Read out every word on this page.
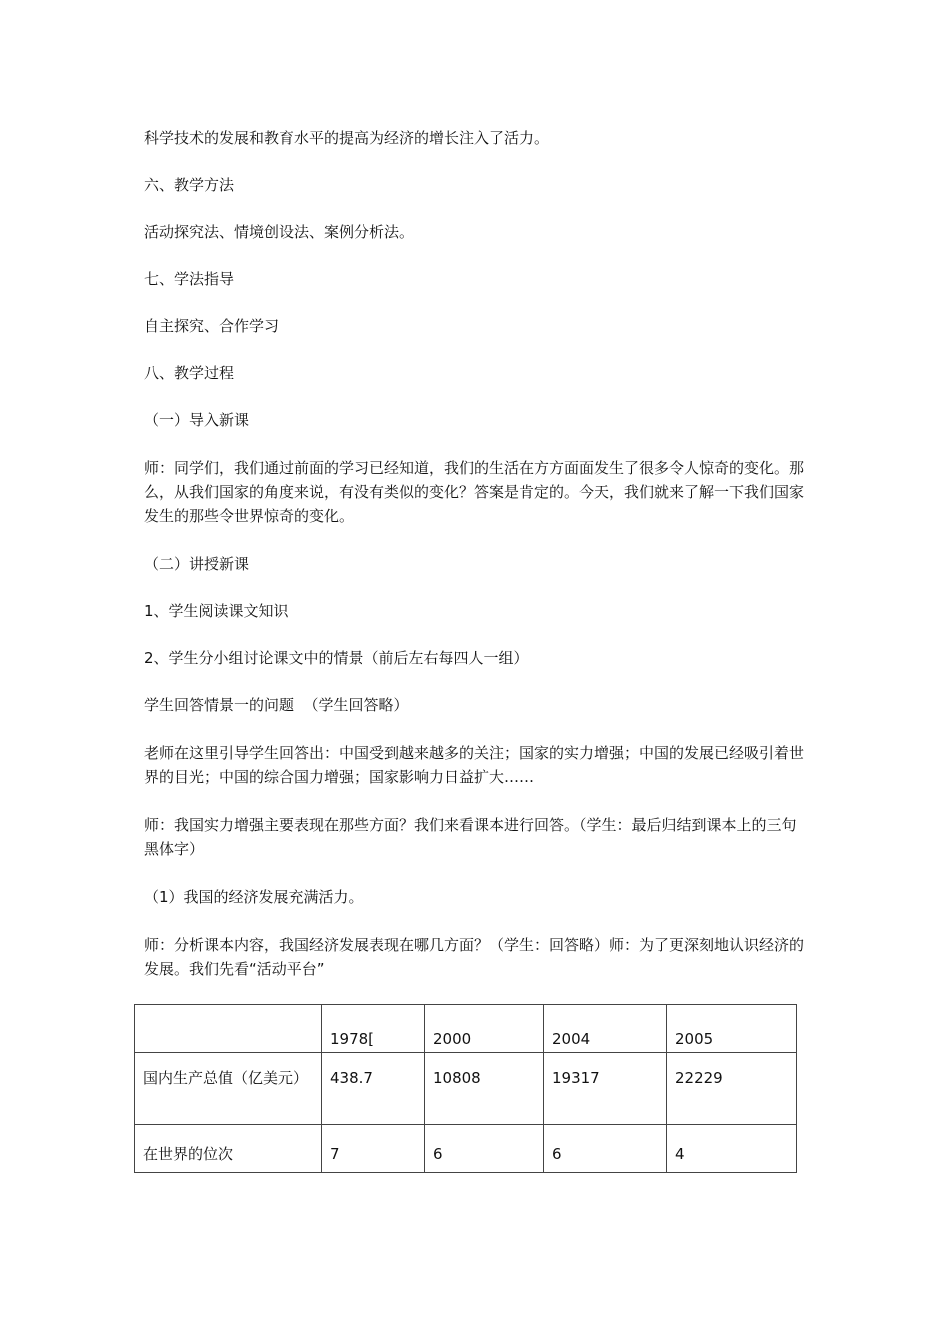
科学技术的发展和教育水平的提高为经济的增长注入了活力。

六、教学方法

活动探究法、情境创设法、案例分析法。

七、学法指导

自主探究、合作学习

八、教学过程

（一）导入新课

师：同学们，我们通过前面的学习已经知道，我们的生活在方方面面发生了很多令人惊奇的变化。那么，从我们国家的角度来说，有没有类似的变化？答案是肯定的。今天，我们就来了解一下我们国家发生的那些令世界惊奇的变化。

（二）讲授新课

1、学生阅读课文知识

2、学生分小组讨论课文中的情景（前后左右每四人一组）

学生回答情景一的问题  （学生回答略）

老师在这里引导学生回答出：中国受到越来越多的关注；国家的实力增强；中国的发展已经吸引着世界的目光；中国的综合国力增强；国家影响力日益扩大……

师：我国实力增强主要表现在那些方面？我们来看课本进行回答。（学生：最后归结到课本上的三句黑体字）

（1）我国的经济发展充满活力。

师：分析课本内容，我国经济发展表现在哪几方面？（学生：回答略）师：为了更深刻地认识经济的发展。我们先看“活动平台”

	1978[	2000	2004	2005
国内生产总值（亿美元）	438.7	10808	19317	22229
在世界的位次	7	6	6	4
